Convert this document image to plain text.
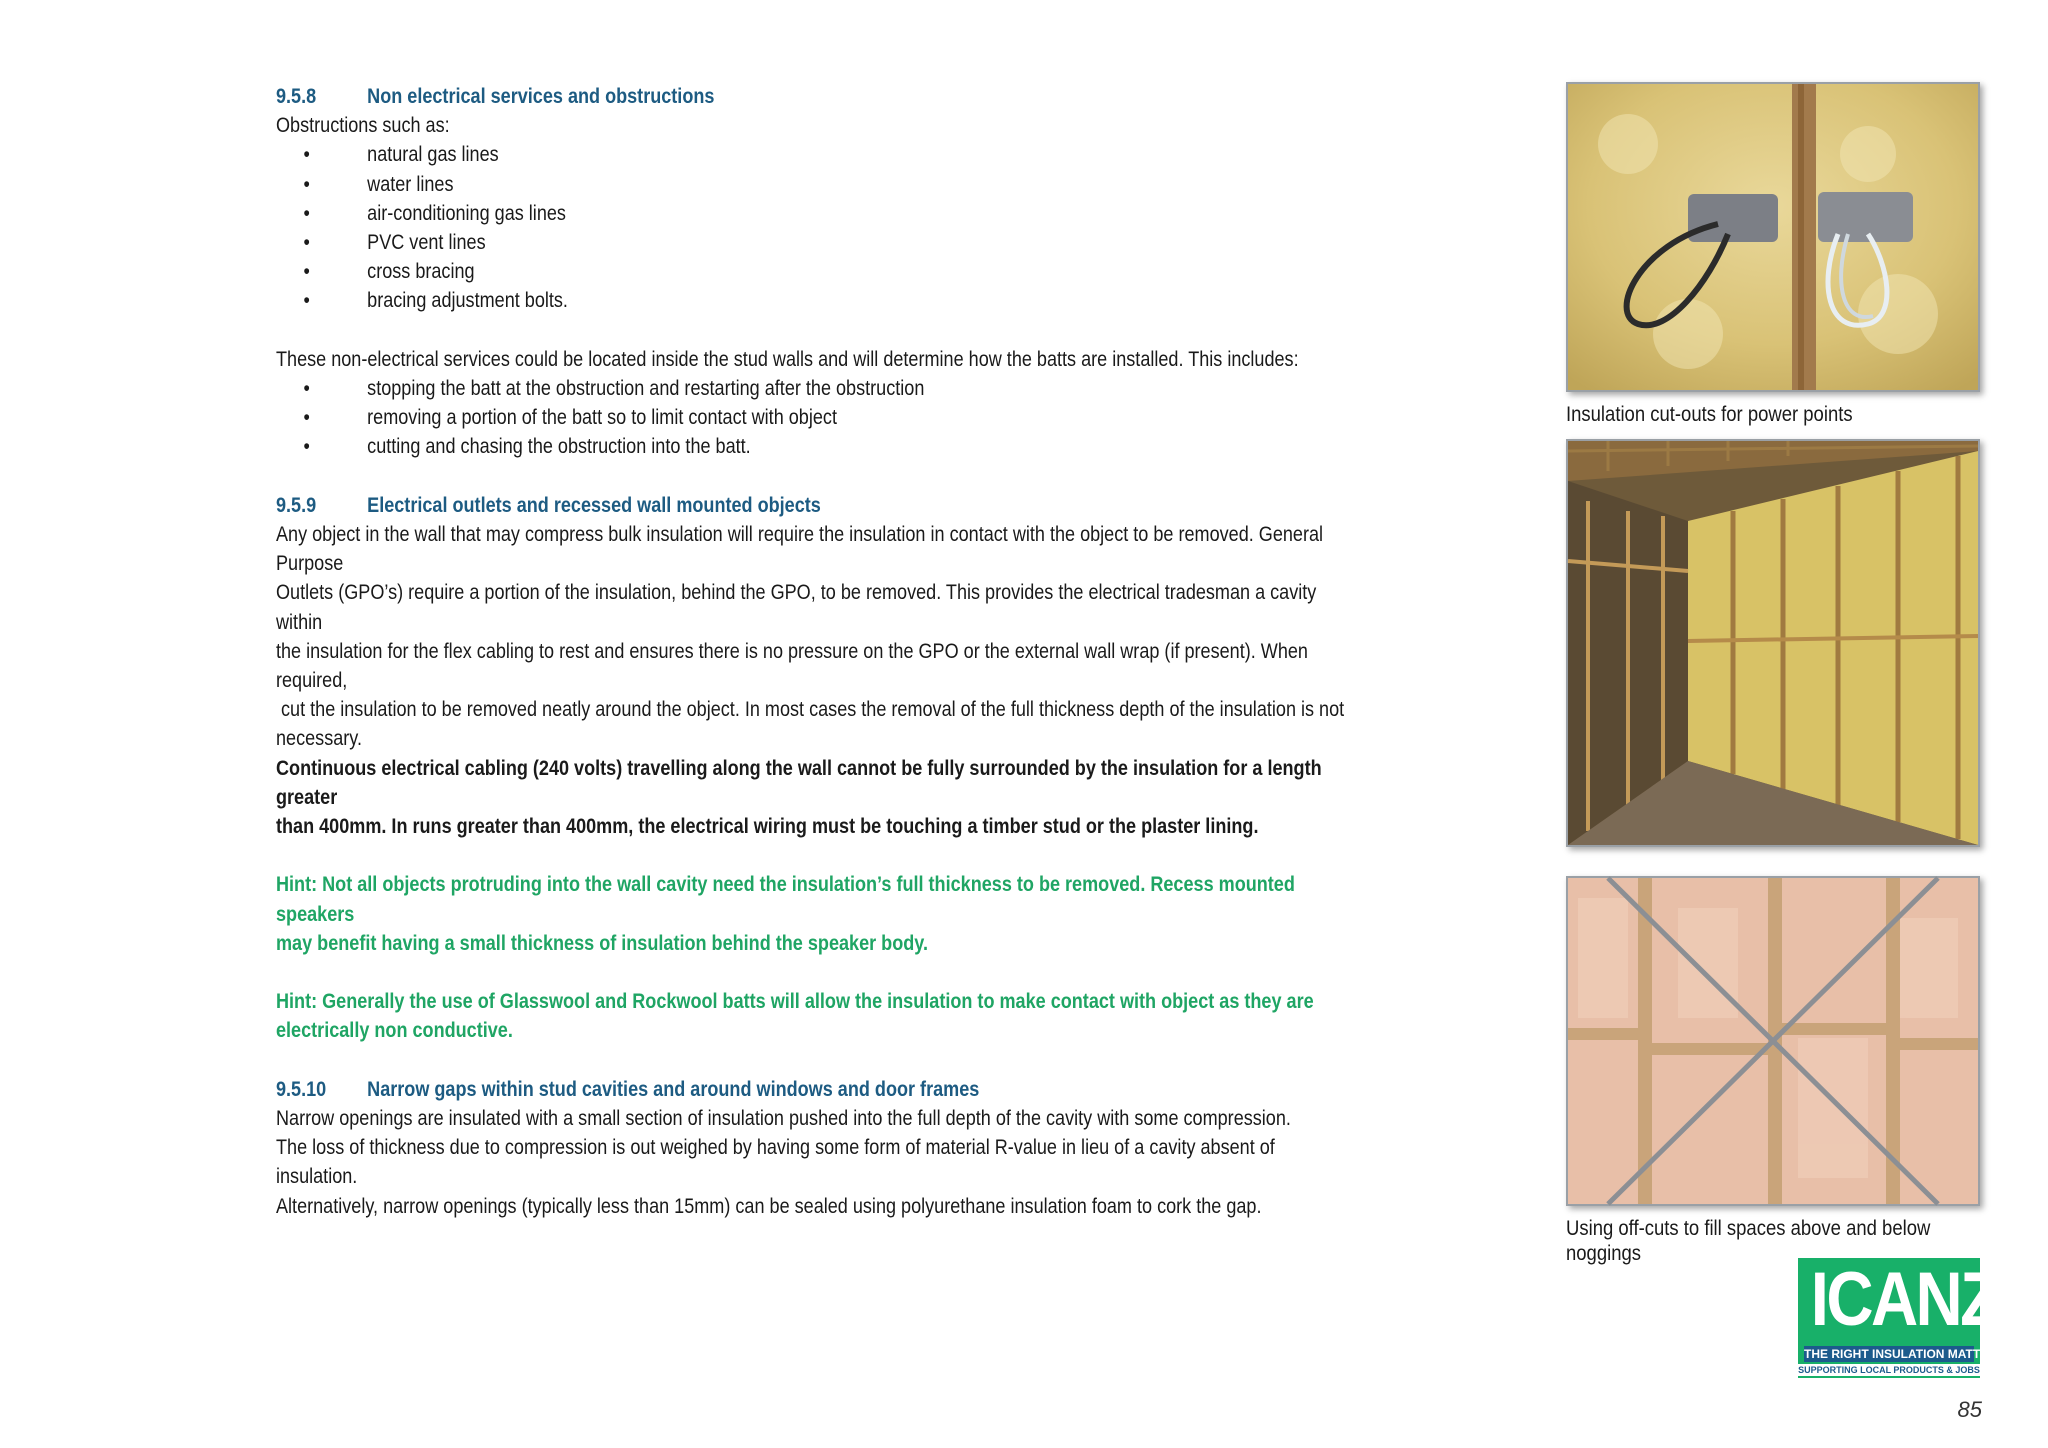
9.5.8 Non electrical services and obstructions

Obstructions such as:

• natural gas lines
• water lines
• air-conditioning gas lines
• PVC vent lines
• cross bracing
• bracing adjustment bolts.

These non-electrical services could be located inside the stud walls and will determine how the batts are installed. This includes:

• stopping the batt at the obstruction and restarting after the obstruction
• removing a portion of the batt so to limit contact with object
• cutting and chasing the obstruction into the batt.

9.5.9 Electrical outlets and recessed wall mounted objects

Any object in the wall that may compress bulk insulation will require the insulation in contact with the object to be removed. General Purpose

Outlets (GPO’s) require a portion of the insulation, behind the GPO, to be removed. This provides the electrical tradesman a cavity within

the insulation for the flex cabling to rest and ensures there is no pressure on the GPO or the external wall wrap (if present). When required,

cut the insulation to be removed neatly around the object. In most cases the removal of the full thickness depth of the insulation is not

necessary.

Continuous electrical cabling (240 volts) travelling along the wall cannot be fully surrounded by the insulation for a length greater

than 400mm. In runs greater than 400mm, the electrical wiring must be touching a timber stud or the plaster lining.

Hint: Not all objects protruding into the wall cavity need the insulation’s full thickness to be removed. Recess mounted speakers

may benefit having a small thickness of insulation behind the speaker body.

Hint: Generally the use of Glasswool and Rockwool batts will allow the insulation to make contact with object as they are

electrically non conductive.

9.5.10 Narrow gaps within stud cavities and around windows and door frames

Narrow openings are insulated with a small section of insulation pushed into the full depth of the cavity with some compression.

The loss of thickness due to compression is out weighed by having some form of material R-value in lieu of a cavity absent of insulation.

Alternatively, narrow openings (typically less than 15mm) can be sealed using polyurethane insulation foam to cork the gap.

Insulation cut-outs for power points
Using off-cuts to fill spaces above and below
noggings
ICANZ
THE RIGHT INSULATION MATTERS
SUPPORTING LOCAL PRODUCTS & JOBS
85
